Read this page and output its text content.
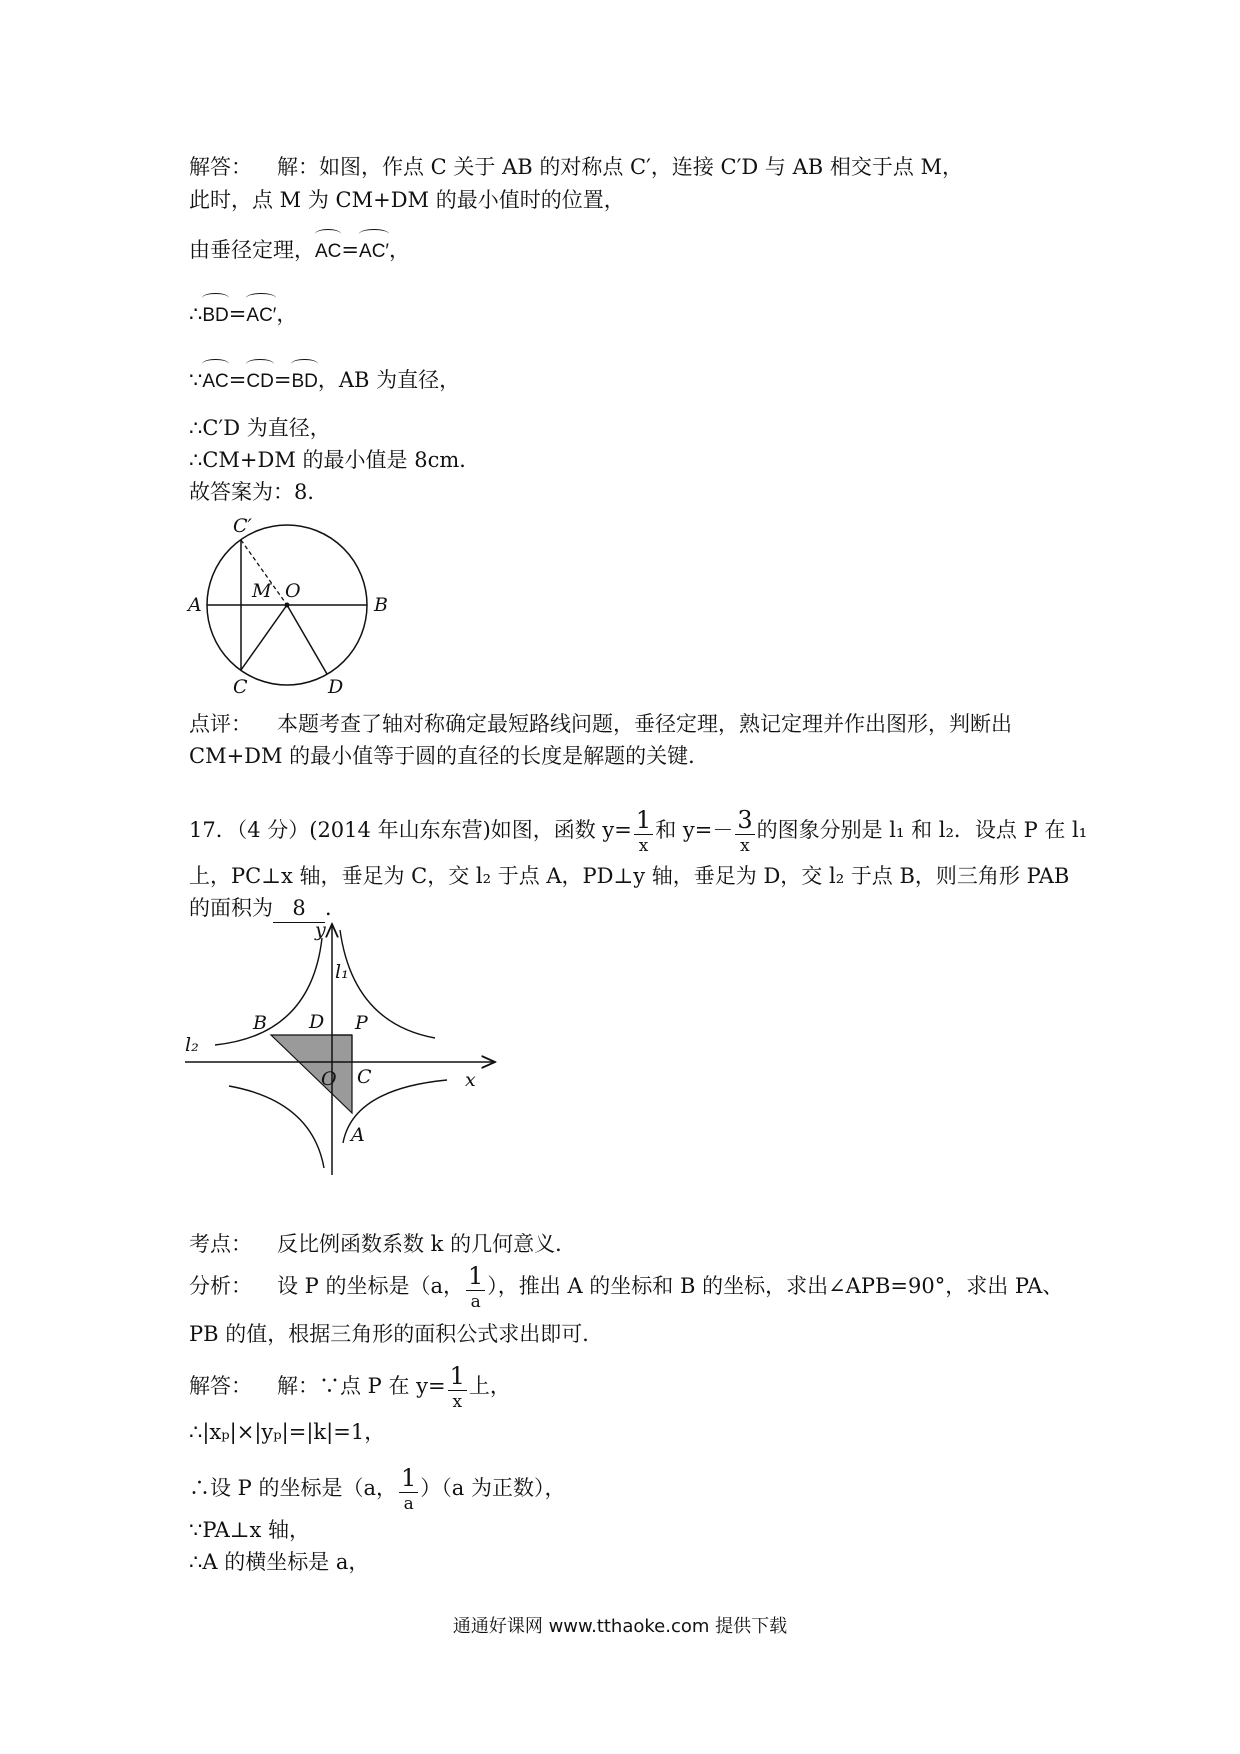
解答： 解：如图，作点 C 关于 AB 的对称点 C′，连接 C′D 与 AB 相交于点 M，
此时，点 M 为 CM+DM 的最小值时的位置，
由垂径定理，AC=AC′，
∴BD=AC′，
∵AC=CD=BD，AB 为直径，
∴C′D 为直径，
∴CM+DM 的最小值是 8cm．
故答案为：8．
C′
M O
A	B
C	D
点评： 本题考查了轴对称确定最短路线问题，垂径定理，熟记定理并作出图形，判断出
CM+DM 的最小值等于圆的直径的长度是解题的关键．
17．（4 分）(2014 年山东东营)如图，函数 $y= \frac{1}{x}$ 和 $y=- \frac{3}{x}$ 的图象分别是 l₁ 和 l₂．设点 P 在 l₁
上，PC⊥x 轴，垂足为 C，交 l₂ 于点 A，PD⊥y 轴，垂足为 D，交 l₂ 于点 B，则三角形 PAB
的面积为 8 ．
y
x
l₁
l₂
B D P
O C
A
考点： 反比例函数系数 k 的几何意义．
分析： 设 P 的坐标是（a， $\frac{1}{a}$ ），推出 A 的坐标和 B 的坐标，求出∠APB=90°，求出 PA、
PB 的值，根据三角形的面积公式求出即可．
解答： 解：∵点 P 在 $y= \frac{1}{x}$ 上，
∴|xₚ|×|yₚ|=|k|=1，
∴设 P 的坐标是（a， $\frac{1}{a} )(a$ 为正数），
∵PA⊥x 轴，
∴A 的横坐标是 a，
通通好课网 www.tthaoke.com 提供下载
